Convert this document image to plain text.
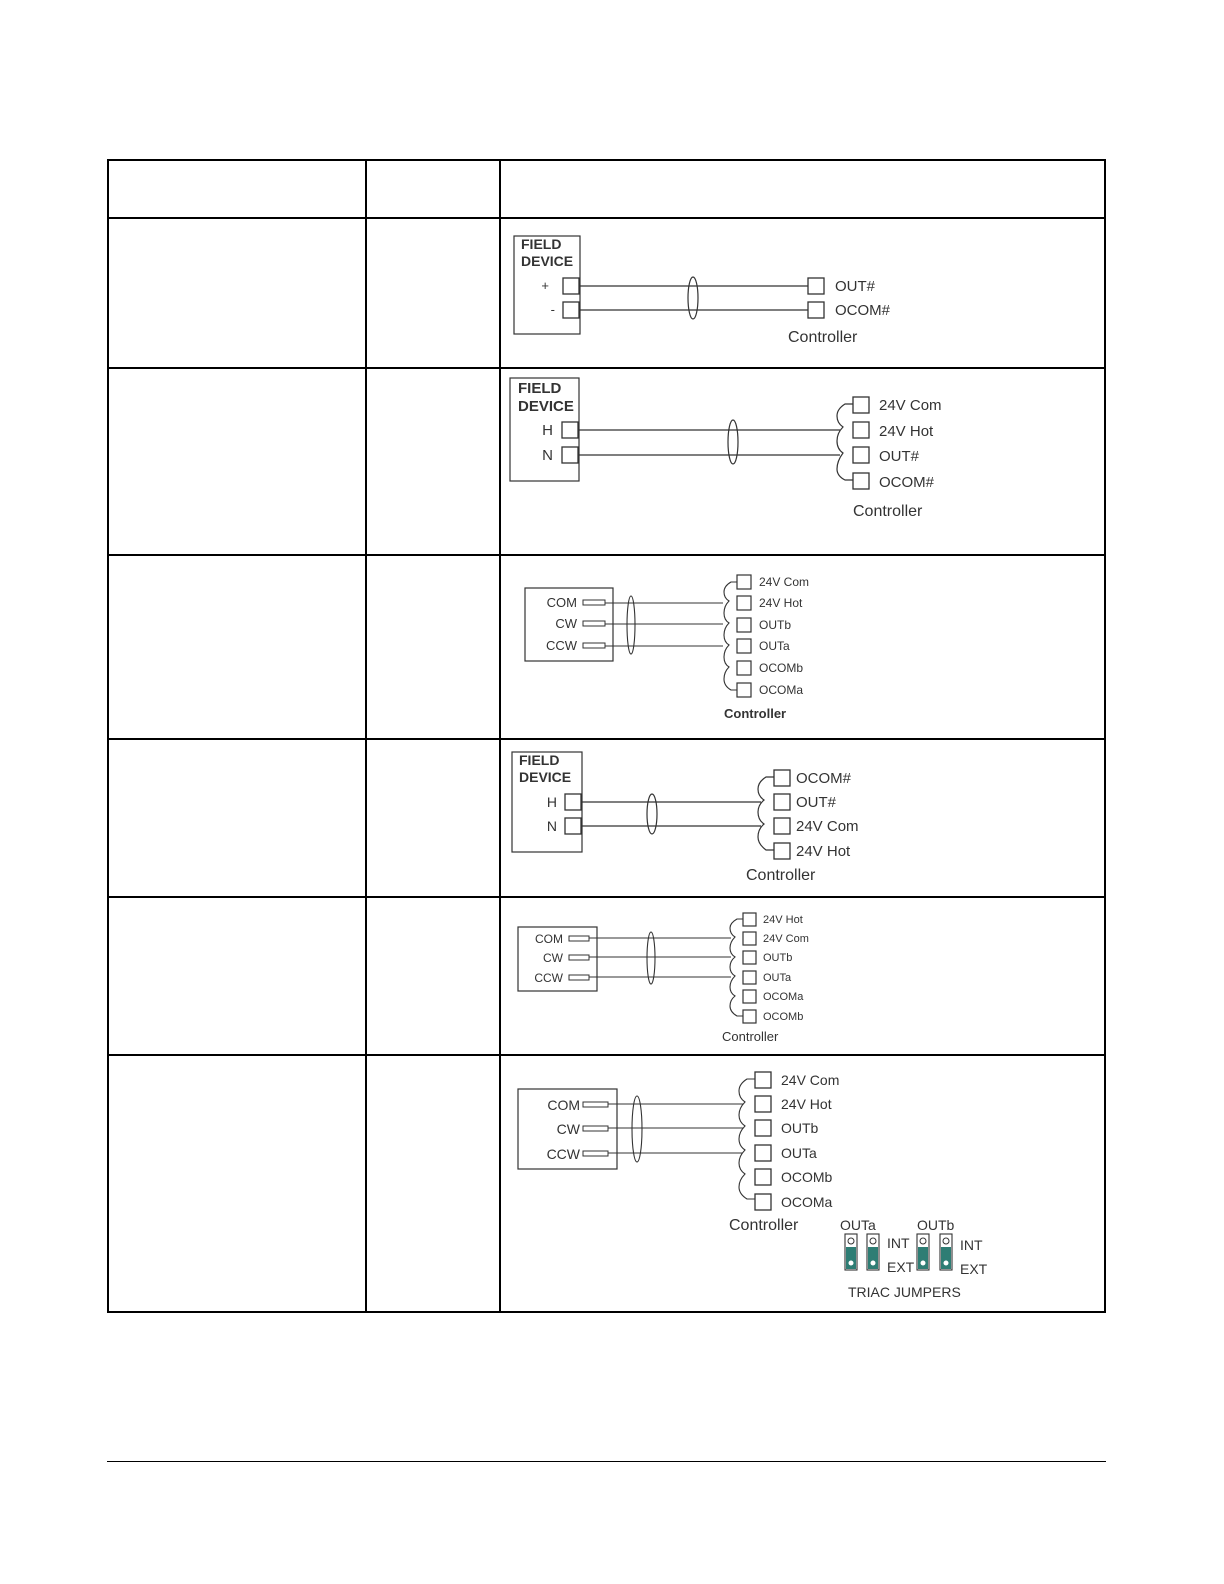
FIELD
DEVICE
+
-
OUT#
OCOM#
Controller
FIELD
DEVICE
H
N
24V Com
24V Hot
OUT#
OCOM#
Controller
COM
CW
CCW
24V Com
24V Hot
OUTb
OUTa
OCOMb
OCOMa
Controller
FIELD
DEVICE
H
N
OCOM#
OUT#
24V Com
24V Hot
Controller
COM
CW
CCW
24V Hot
24V Com
OUTb
OUTa
OCOMa
OCOMb
Controller
COM
CW
CCW
24V Com
24V Hot
OUTb
OUTa
OCOMb
OCOMa
Controller	OUTa	OUTb
INT
EXT
INT
EXT
TRIAC JUMPERS
